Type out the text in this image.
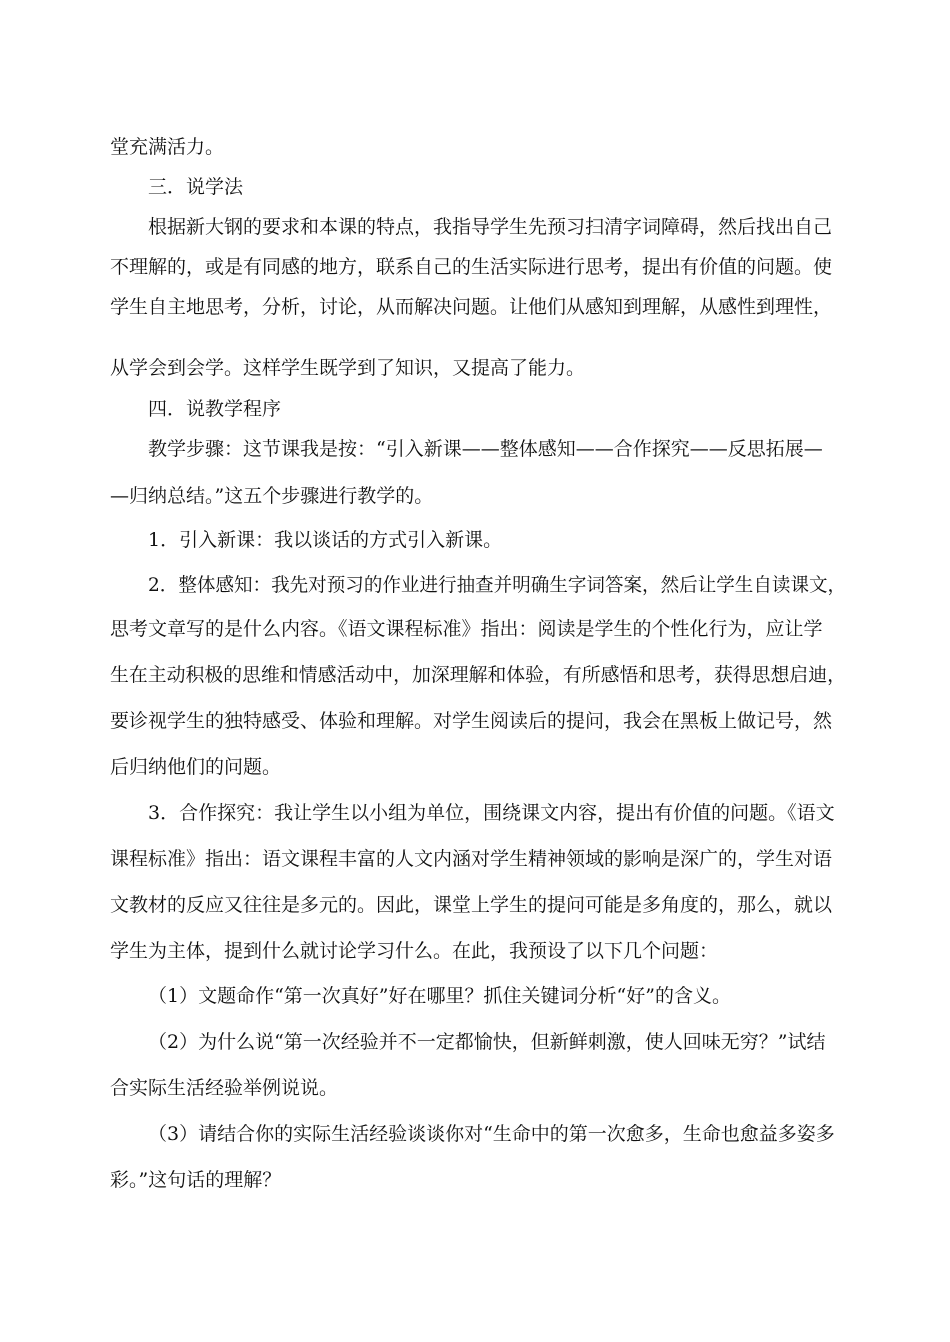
堂充满活力。
三．说学法
根据新大钢的要求和本课的特点，我指导学生先预习扫清字词障碍，然后找出自己
不理解的，或是有同感的地方，联系自己的生活实际进行思考，提出有价值的问题。使
学生自主地思考，分析，讨论，从而解决问题。让他们从感知到理解，从感性到理性，
从学会到会学。这样学生既学到了知识，又提高了能力。
四．说教学程序
教学步骤：这节课我是按：“引入新课——整体感知——合作探究——反思拓展—
—归纳总结。”这五个步骤进行教学的。
1．引入新课：我以谈话的方式引入新课。
2．整体感知：我先对预习的作业进行抽查并明确生字词答案，然后让学生自读课文，
思考文章写的是什么内容。《语文课程标准》指出：阅读是学生的个性化行为，应让学
生在主动积极的思维和情感活动中，加深理解和体验，有所感悟和思考，获得思想启迪，
要诊视学生的独特感受、体验和理解。对学生阅读后的提问，我会在黑板上做记号，然
后归纳他们的问题。
3．合作探究：我让学生以小组为单位，围绕课文内容，提出有价值的问题。《语文
课程标准》指出：语文课程丰富的人文内涵对学生精神领域的影响是深广的，学生对语
文教材的反应又往往是多元的。因此，课堂上学生的提问可能是多角度的，那么，就以
学生为主体，提到什么就讨论学习什么。在此，我预设了以下几个问题：
（1）文题命作“第一次真好”好在哪里？抓住关键词分析“好”的含义。
（2）为什么说“第一次经验并不一定都愉快，但新鲜刺激，使人回味无穷？”试结
合实际生活经验举例说说。
（3）请结合你的实际生活经验谈谈你对“生命中的第一次愈多，生命也愈益多姿多
彩。”这句话的理解？
